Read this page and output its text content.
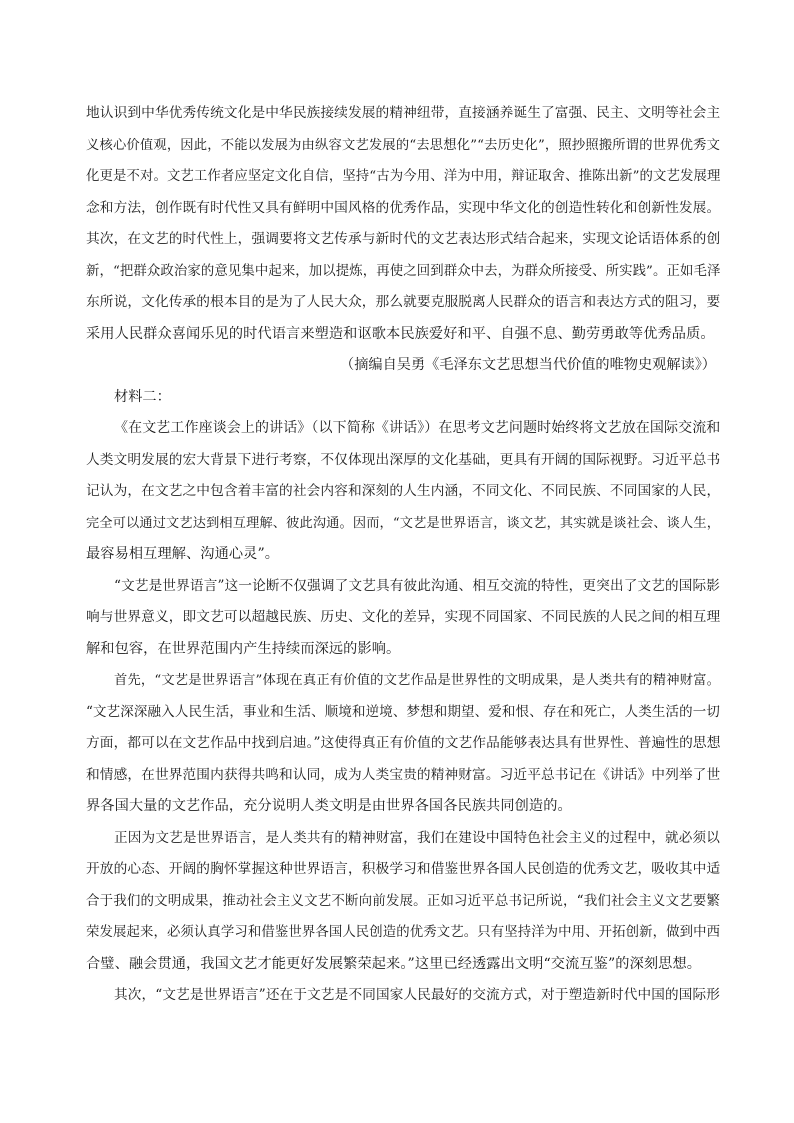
地认识到中华优秀传统文化是中华民族接续发展的精神纽带，直接涵养诞生了富强、民主、文明等社会主
义核心价值观，因此，不能以发展为由纵容文艺发展的“去思想化”“去历史化”，照抄照搬所谓的世界优秀文
化更是不对。文艺工作者应坚定文化自信，坚持“古为今用、洋为中用，辩证取舍、推陈出新”的文艺发展理
念和方法，创作既有时代性又具有鲜明中国风格的优秀作品，实现中华文化的创造性转化和创新性发展。
其次，在文艺的时代性上，强调要将文艺传承与新时代的文艺表达形式结合起来，实现文论话语体系的创
新，“把群众政治家的意见集中起来，加以提炼，再使之回到群众中去，为群众所接受、所实践”。正如毛泽
东所说，文化传承的根本目的是为了人民大众，那么就要克服脱离人民群众的语言和表达方式的阻习，要
采用人民群众喜闻乐见的时代语言来塑造和讴歌本民族爱好和平、自强不息、勤劳勇敢等优秀品质。
（摘编自吴勇《毛泽东文艺思想当代价值的唯物史观解读》）
材料二：
《在文艺工作座谈会上的讲话》（以下简称《讲话》）在思考文艺问题时始终将文艺放在国际交流和
人类文明发展的宏大背景下进行考察，不仅体现出深厚的文化基础，更具有开阔的国际视野。习近平总书
记认为，在文艺之中包含着丰富的社会内容和深刻的人生内涵，不同文化、不同民族、不同国家的人民，
完全可以通过文艺达到相互理解、彼此沟通。因而，“文艺是世界语言，谈文艺，其实就是谈社会、谈人生，
最容易相互理解、沟通心灵”。
“文艺是世界语言”这一论断不仅强调了文艺具有彼此沟通、相互交流的特性，更突出了文艺的国际影
响与世界意义，即文艺可以超越民族、历史、文化的差异，实现不同国家、不同民族的人民之间的相互理
解和包容，在世界范围内产生持续而深远的影响。
首先，“文艺是世界语言”体现在真正有价值的文艺作品是世界性的文明成果，是人类共有的精神财富。
“文艺深深融入人民生活，事业和生活、顺境和逆境、梦想和期望、爱和恨、存在和死亡，人类生活的一切
方面，都可以在文艺作品中找到启迪。”这使得真正有价值的文艺作品能够表达具有世界性、普遍性的思想
和情感，在世界范围内获得共鸣和认同，成为人类宝贵的精神财富。习近平总书记在《讲话》中列举了世
界各国大量的文艺作品，充分说明人类文明是由世界各国各民族共同创造的。
正因为文艺是世界语言，是人类共有的精神财富，我们在建设中国特色社会主义的过程中，就必须以
开放的心态、开阔的胸怀掌握这种世界语言，积极学习和借鉴世界各国人民创造的优秀文艺，吸收其中适
合于我们的文明成果，推动社会主义文艺不断向前发展。正如习近平总书记所说，“我们社会主义文艺要繁
荣发展起来，必须认真学习和借鉴世界各国人民创造的优秀文艺。只有坚持洋为中用、开拓创新，做到中西
合璧、融会贯通，我国文艺才能更好发展繁荣起来。”这里已经透露出文明“交流互鉴”的深刻思想。
其次，“文艺是世界语言”还在于文艺是不同国家人民最好的交流方式，对于塑造新时代中国的国际形
